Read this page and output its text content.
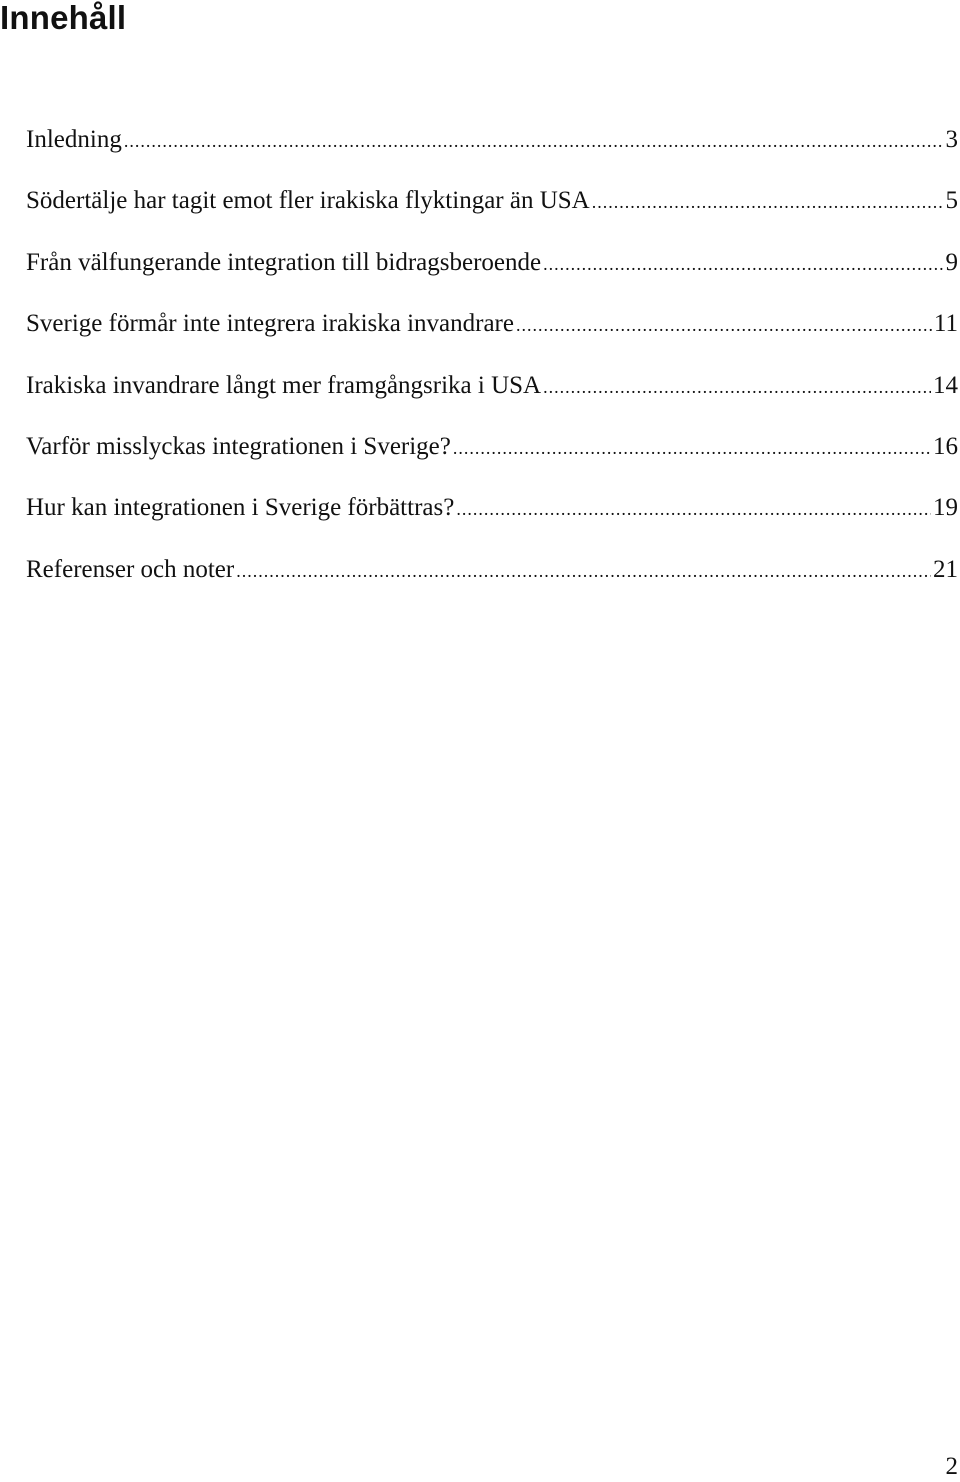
Innehåll
Inledning .....	3
Södertälje har tagit emot fler irakiska flyktingar än USA .....	5
Från välfungerande integration till bidragsberoende .....	9
Sverige förmår inte integrera irakiska invandrare .....	11
Irakiska invandrare långt mer framgångsrika i USA .....	14
Varför misslyckas integrationen i Sverige? .....	16
Hur kan integrationen i Sverige förbättras? .....	19
Referenser och noter .....	21
2
